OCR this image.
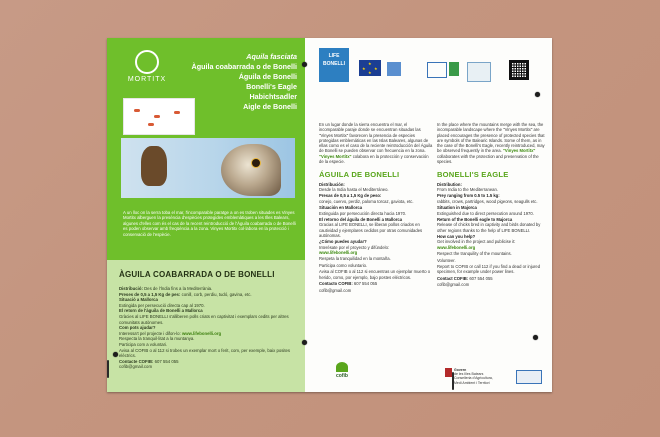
MORTITX
Aquila fasciata
Àguila coabarrada o de Bonelli
Águila de Bonelli
Bonelli's Eagle
Habichtsadler
Aigle de Bonelli
A un lloc on la serra toba el mar, l'incomparable paratge a on es troben situades es Vinyes Mortitx alberguen la presència d'espècies protegides emblemàtiques a les Illes Balears, algunes d'elles com és el cas de la recent reintroducció de l'Àguila coabarrada o de Bonelli es poden observar amb freqüència a la zona. Vinyes Mortitx col·labora en la protecció i conservació de l'espècie.
ÀGUILA COABARRADA O DE BONELLI
Distribució: Des de l'Índia fins a la Mediterrània.
Preses de 0,5 a 1,5 Kg de pes: conill, corb, perdiu, tudó, gavina, etc.
Situació a Mallorca
Extingida per persecució directa cap al 1970.
El retorn de l'àguila de Bonelli a Mallorca
Gràcies al LIFE BONELLI s'alliberen polls criats en captivitat i exemplars cedits per altres comunitats autònomes.
Com pots ajudar?
Interessa't pel projecte i difon-lo: www.lifebonelli.org
Respecta la tranquil·litat a la muntanya.
Participa com a voluntari.
Avisa al COFIB o al 112 si trobes un exemplar mort o ferit, com, per exemple, baix posites elèctrics.
Contacte COFIB: 607 554 055
cofib@gmail.com
LIFE BONELLI	★
★ ★
★
En un lugar donde la sierra encuentra el mar, el incomparable paraje donde se encuentran situadas las "Vinyes Mortitx" favorecen la presencia de especies protegidas emblemáticas en las Islas Baleares, algunas de ellas como es el caso de la reciente reintroducción del Águila de Bonelli se pueden observar con frecuencia en la zona. "Vinyes Mortitx" colabora en la protección y conservación de la especie.
ÁGUILA DE BONELLI

Distribución:
Desde la India hasta el Mediterráneo.

Presas de 0,5 a 1,5 Kg de peso:
conejo, cuervo, perdiz, paloma torcaz, gaviota, etc.

Situación en Mallorca
Extinguida por persecución directa hacia 1970.

El retorno del águila de Bonelli a Mallorca
Gracias al LIFE BONELLI, se liberan pollos criados en cautividad y ejemplares cedidos por otras comunidades autónomas.

¿Cómo puedes ayudar?
Interésate por el proyecto y difúndelo:
www.lifebonelli.org

Respeta la tranquilidad en la montaña.

Participa como voluntario.

Avisa al COFIB o al 112 si encuentras un ejemplar muerto o herido, como, por ejemplo, bajo postes eléctricos.

Contacto COFIB: 607 554 055

cofib@gmail.com

In the place where the mountains merge with the sea, the incomparable landscape where the "Vinyes Mortitx" are placed encourages the presence of protected species that are symbols of the Balearic Islands. Some of them, as in the case of the Bonelli's Eagle, recently reintroduced, may be observed frequently in the area. "Vinyes Mortitx" collaborates with the protection and preservation of the species.
BONELLI'S EAGLE

Distribution:
From India to the Mediterranean.

Prey ranging from 0.5 to 1.5 kg:
rabbits, crows, partridges, wood pigeons, seagulls etc.

Situation in Majorca
Extinguished due to direct persecution around 1970.

Return of the Bonelli eagle to Majorca
Release of chicks bred in captivity and birds donated by other regions thanks to the help of LIFE BONELLI.

How can you help?
Get involved in the project and publicise it:
www.lifebonelli.org

Respect the tranquility of the mountains.

Volunteer.

Report to COFIB or call 112 if you find a dead or injured specimen, for example under power lines.

Contact COFIB: 607 554 055

cofib@gmail.com

cofib
Govern
de les Illes Balears
Conselleria d'Agricultura,
Medi Ambient i Territori
